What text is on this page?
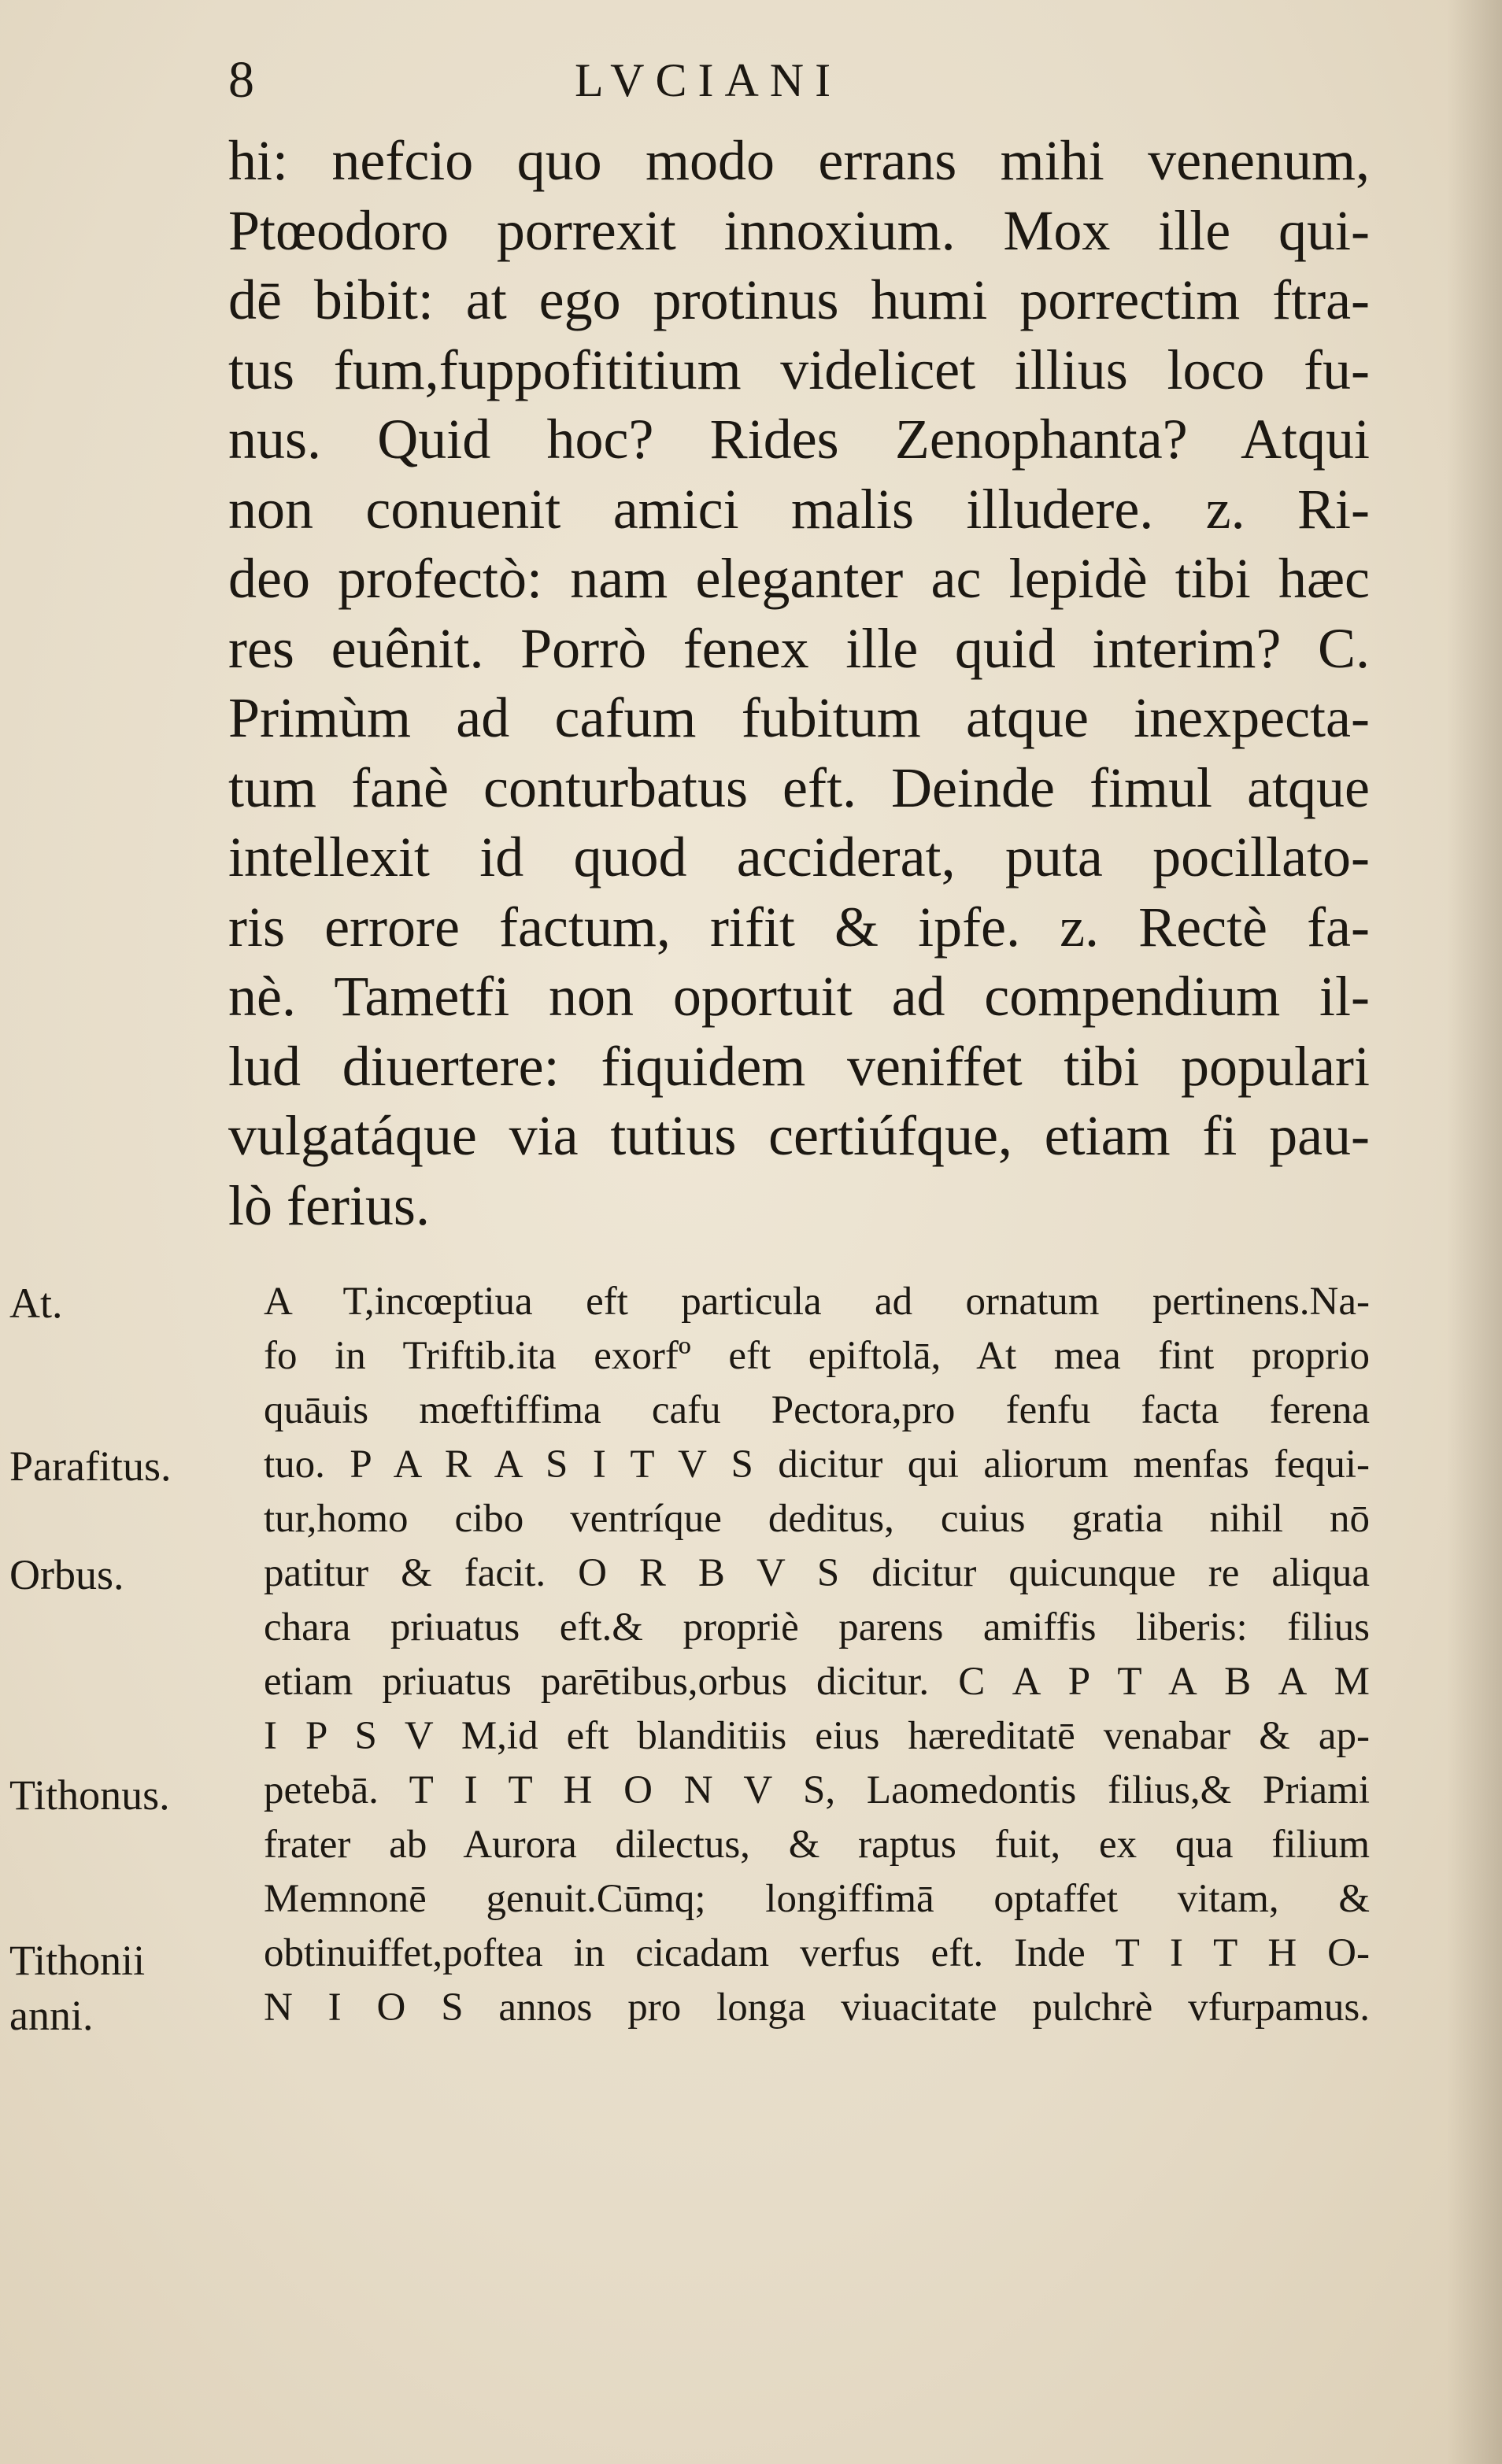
8	LVCIANI
hi: nefcio quo modo errans mihi venenum,
Ptœodoro porrexit innoxium. Mox ille qui-
dē bibit: at ego protinus humi porrectim ftra-
tus fum,fuppofititium videlicet illius loco fu-
nus. Quid hoc? Rides Zenophanta? Atqui
non conuenit amici malis illudere. z. Ri-
deo profectò: nam eleganter ac lepidè tibi hæc
res euênit. Porrò fenex ille quid interim? C.
Primùm ad cafum fubitum atque inexpecta-
tum fanè conturbatus eft. Deinde fimul atque
intellexit id quod acciderat, puta pocillato-
ris errore factum, rifit & ipfe. z. Rectè fa-
nè. Tametfi non oportuit ad compendium il-
lud diuertere: fiquidem veniffet tibi populari
vulgatáque via tutius certiúfque, etiam fi pau-
lò ferius.
A T,incœptiua eft particula ad ornatum pertinens.Na-
fo in Triftib.ita exorfº eft epiftolā, At mea fint proprio
quāuis mœftiffima cafu Pectora,pro fenfu facta ferena
tuo. P A R A S I T V S dicitur qui aliorum menfas fequi-
tur,homo cibo ventríque deditus, cuius gratia nihil nō
patitur & facit. O R B V S dicitur quicunque re aliqua
chara priuatus eft.& propriè parens amiffis liberis: filius
etiam priuatus parētibus,orbus dicitur. C A P T A B A M
I P S V M,id eft blanditiis eius hæreditatē venabar & ap-
petebā. T I T H O N V S, Laomedontis filius,& Priami
frater ab Aurora dilectus, & raptus fuit, ex qua filium
Memnonē genuit.Cūmq; longiffimā optaffet vitam, &
obtinuiffet,poftea in cicadam verfus eft. Inde T I T H O-
N I O S annos pro longa viuacitate pulchrè vfurpamus.
At.
Parafitus.
Orbus.
Tithonus.
Tithonii
anni.
